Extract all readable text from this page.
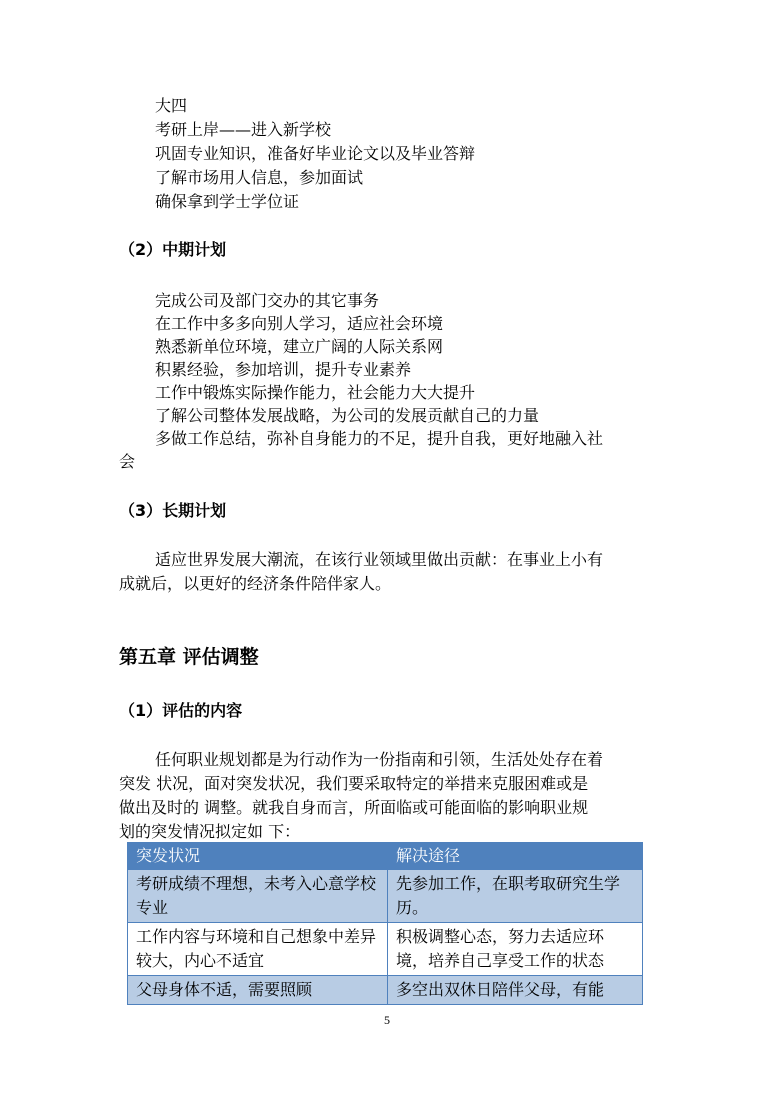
大四
考研上岸——进入新学校
巩固专业知识，准备好毕业论文以及毕业答辩
了解市场用人信息，参加面试
确保拿到学士学位证
（2）中期计划
完成公司及部门交办的其它事务
在工作中多多向别人学习，适应社会环境
熟悉新单位环境，建立广阔的人际关系网
积累经验，参加培训，提升专业素养
工作中锻炼实际操作能力，社会能力大大提升
了解公司整体发展战略，为公司的发展贡献自己的力量
多做工作总结，弥补自身能力的不足，提升自我，更好地融入社
会
（3）长期计划
适应世界发展大潮流，在该行业领域里做出贡献：在事业上小有
成就后，以更好的经济条件陪伴家人。
第五章 评估调整
（1）评估的内容
任何职业规划都是为行动作为一份指南和引领，生活处处存在着
突发 状况，面对突发状况，我们要采取特定的举措来克服困难或是
做出及时的 调整。就我自身而言，所面临或可能面临的影响职业规
划的突发情况拟定如 下：
突发状况	解决途径
考研成绩不理想，未考入心意学校专业	先参加工作，在职考取研究生学历。
工作内容与环境和自己想象中差异较大，内心不适宜	积极调整心态，努力去适应环境，培养自己享受工作的状态
父母身体不适，需要照顾	多空出双休日陪伴父母，有能
5
